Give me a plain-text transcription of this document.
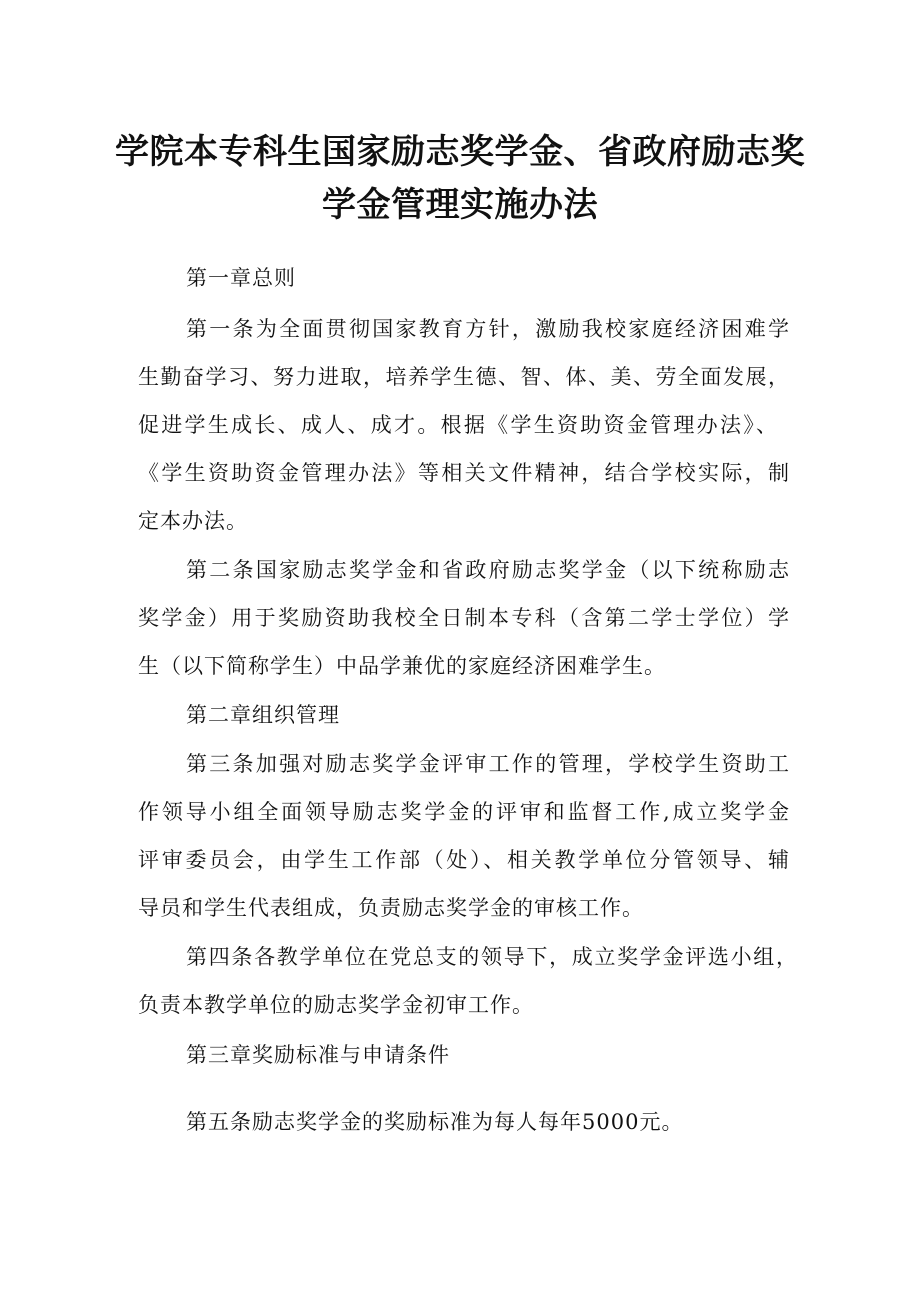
学院本专科生国家励志奖学金、省政府励志奖
学金管理实施办法
第一章总则
第一条为全面贯彻国家教育方针，激励我校家庭经济困难学
生勤奋学习、努力进取，培养学生德、智、体、美、劳全面发展，
促进学生成长、成人、成才。根据《学生资助资金管理办法》、
《学生资助资金管理办法》等相关文件精神，结合学校实际，制
定本办法。
第二条国家励志奖学金和省政府励志奖学金（以下统称励志
奖学金）用于奖励资助我校全日制本专科（含第二学士学位）学
生（以下简称学生）中品学兼优的家庭经济困难学生。
第二章组织管理
第三条加强对励志奖学金评审工作的管理，学校学生资助工
作领导小组全面领导励志奖学金的评审和监督工作,成立奖学金
评审委员会，由学生工作部（处）、相关教学单位分管领导、辅
导员和学生代表组成，负责励志奖学金的审核工作。
第四条各教学单位在党总支的领导下，成立奖学金评选小组，
负责本教学单位的励志奖学金初审工作。
第三章奖励标准与申请条件
第五条励志奖学金的奖励标准为每人每年5000元。
